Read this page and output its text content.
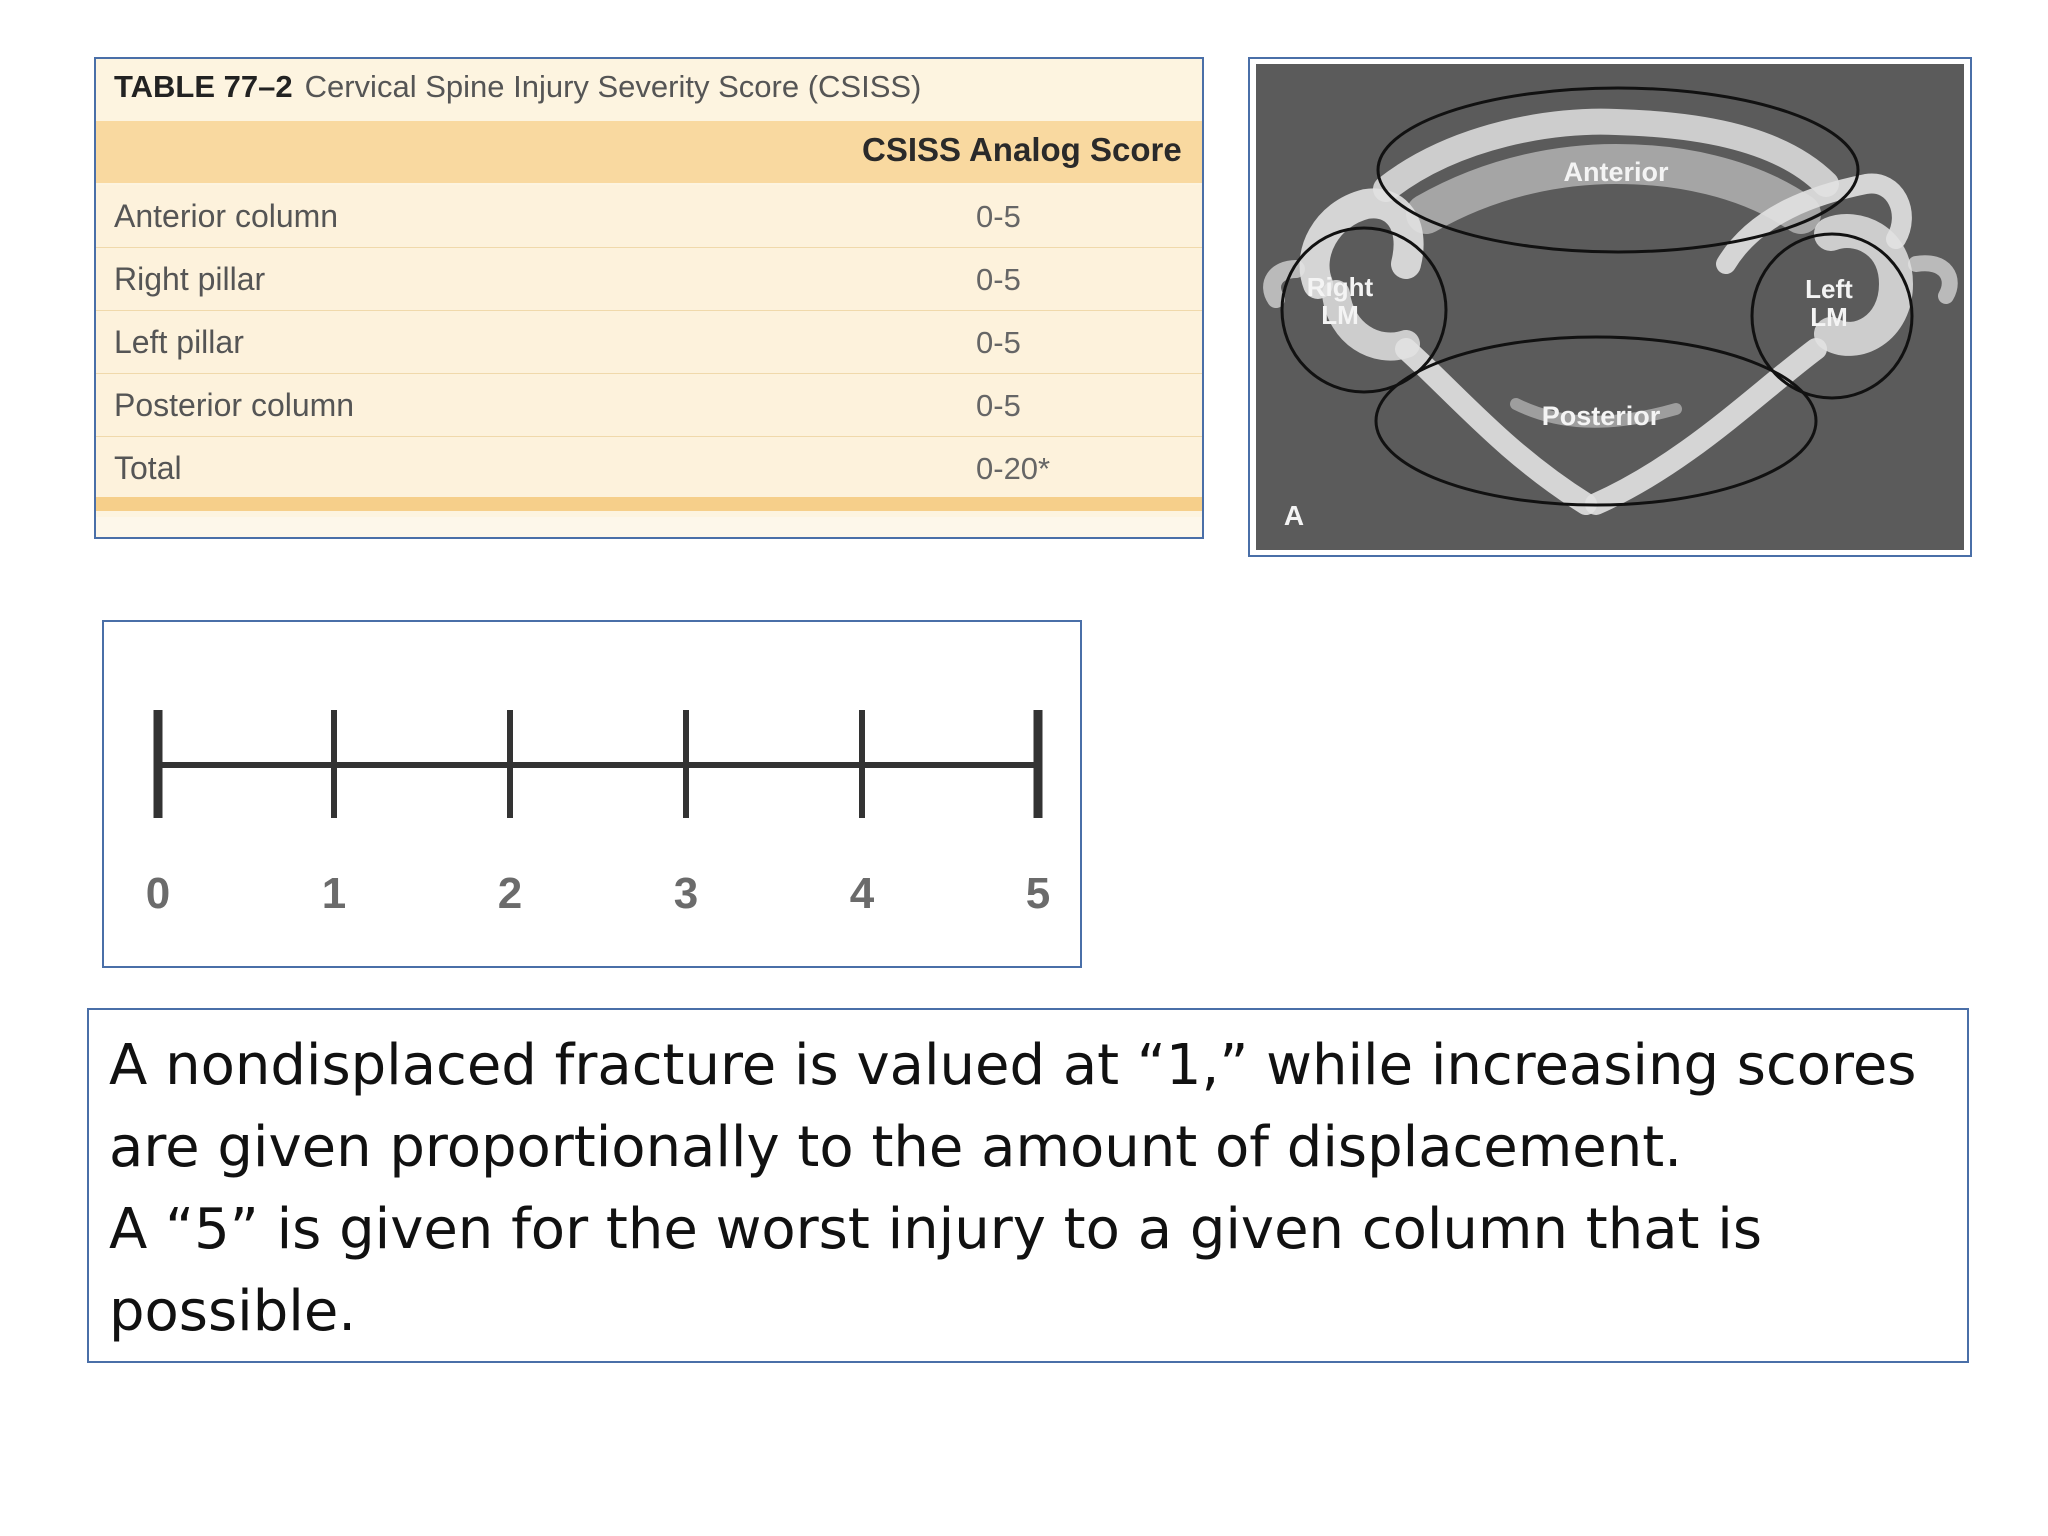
TABLE 77–2 Cervical Spine Injury Severity Score (CSISS)
CSISS Analog Score
Anterior column	0-5
Right pillar	0-5
Left pillar	0-5
Posterior column	0-5
Total	0-20*
Anterior
Right
LM
Left
LM
Posterior
A
0	1	2	3	4	5
A nondisplaced fracture is valued at “1,” while increasing scores
are given proportionally to the amount of displacement.
A “5” is given for the worst injury to a given column that is
possible.
